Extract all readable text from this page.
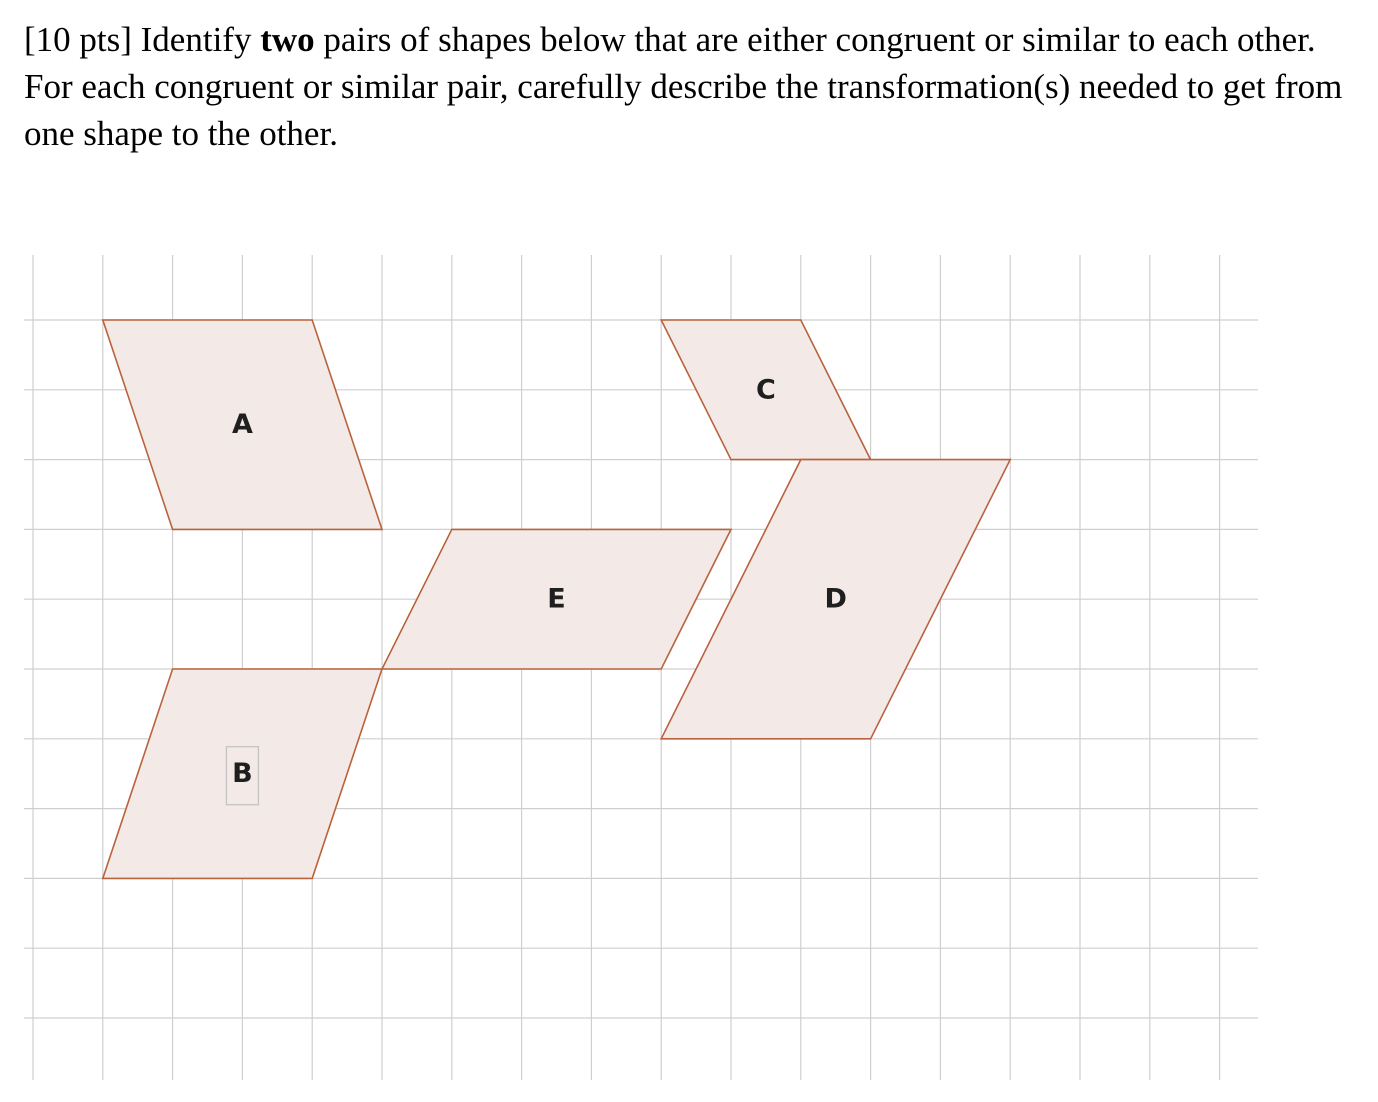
[10 pts] Identify two pairs of shapes below that are either congruent or similar to each other. For each congruent or similar pair, carefully describe the transformation(s) needed to get from one shape to the other.

A
B
C
D
E
